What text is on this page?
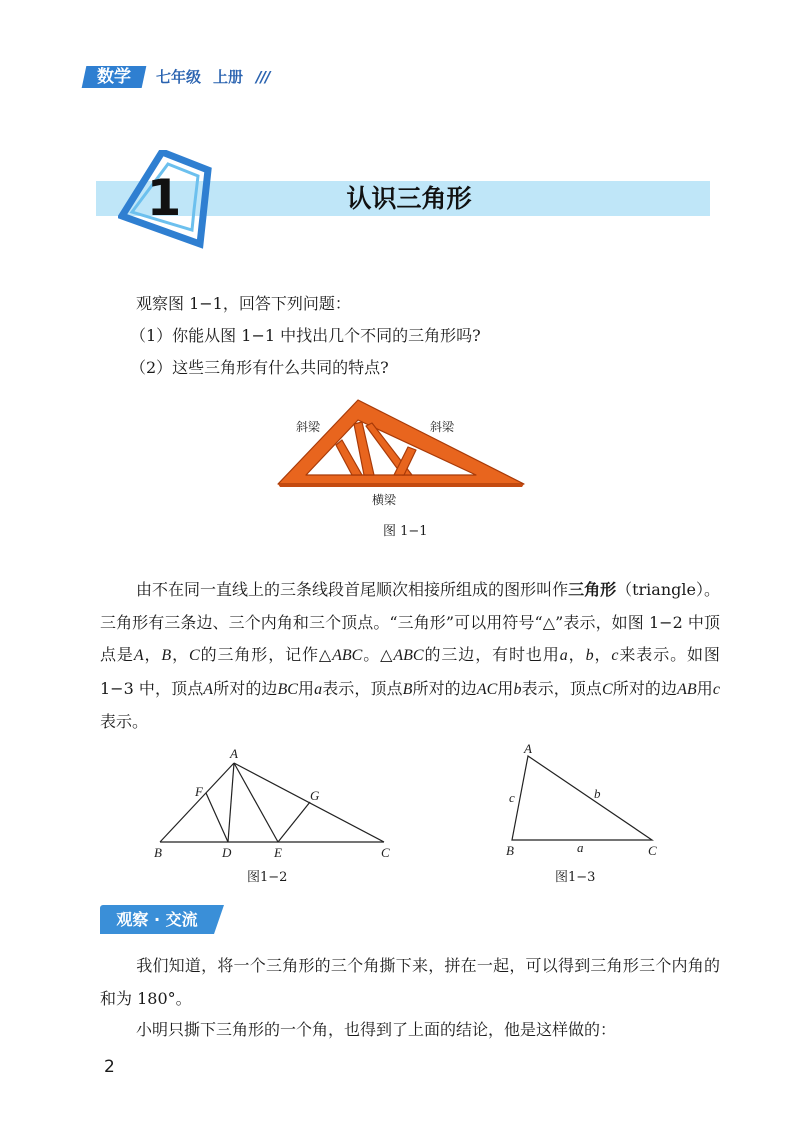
数学	七年级 上册 ///
1	认识三角形
观察图 1−1，回答下列问题：
（1）你能从图 1−1 中找出几个不同的三角形吗?
（2）这些三角形有什么共同的特点?
斜梁	斜梁
横梁
图 1−1
由不在同一直线上的三条线段首尾顺次相接所组成的图形叫作三角形（triangle）。三角形有三条边、三个内角和三个顶点。“三角形”可以用符号“△”表示，如图 1−2 中顶点是A，B，C的三角形，记作△ABC。△ABC的三边，有时也用a，b，c来表示。如图 1−3 中，顶点A所对的边BC用a表示，顶点B所对的边AC用b表示，顶点C所对的边AB用c表示。
A
B	C
D	E
F	G
图1−2
A
B	C
a
b
c
图1−3
观察 · 交流
我们知道，将一个三角形的三个角撕下来，拼在一起，可以得到三角形三个内角的和为 180°。
小明只撕下三角形的一个角，也得到了上面的结论，他是这样做的：
2
